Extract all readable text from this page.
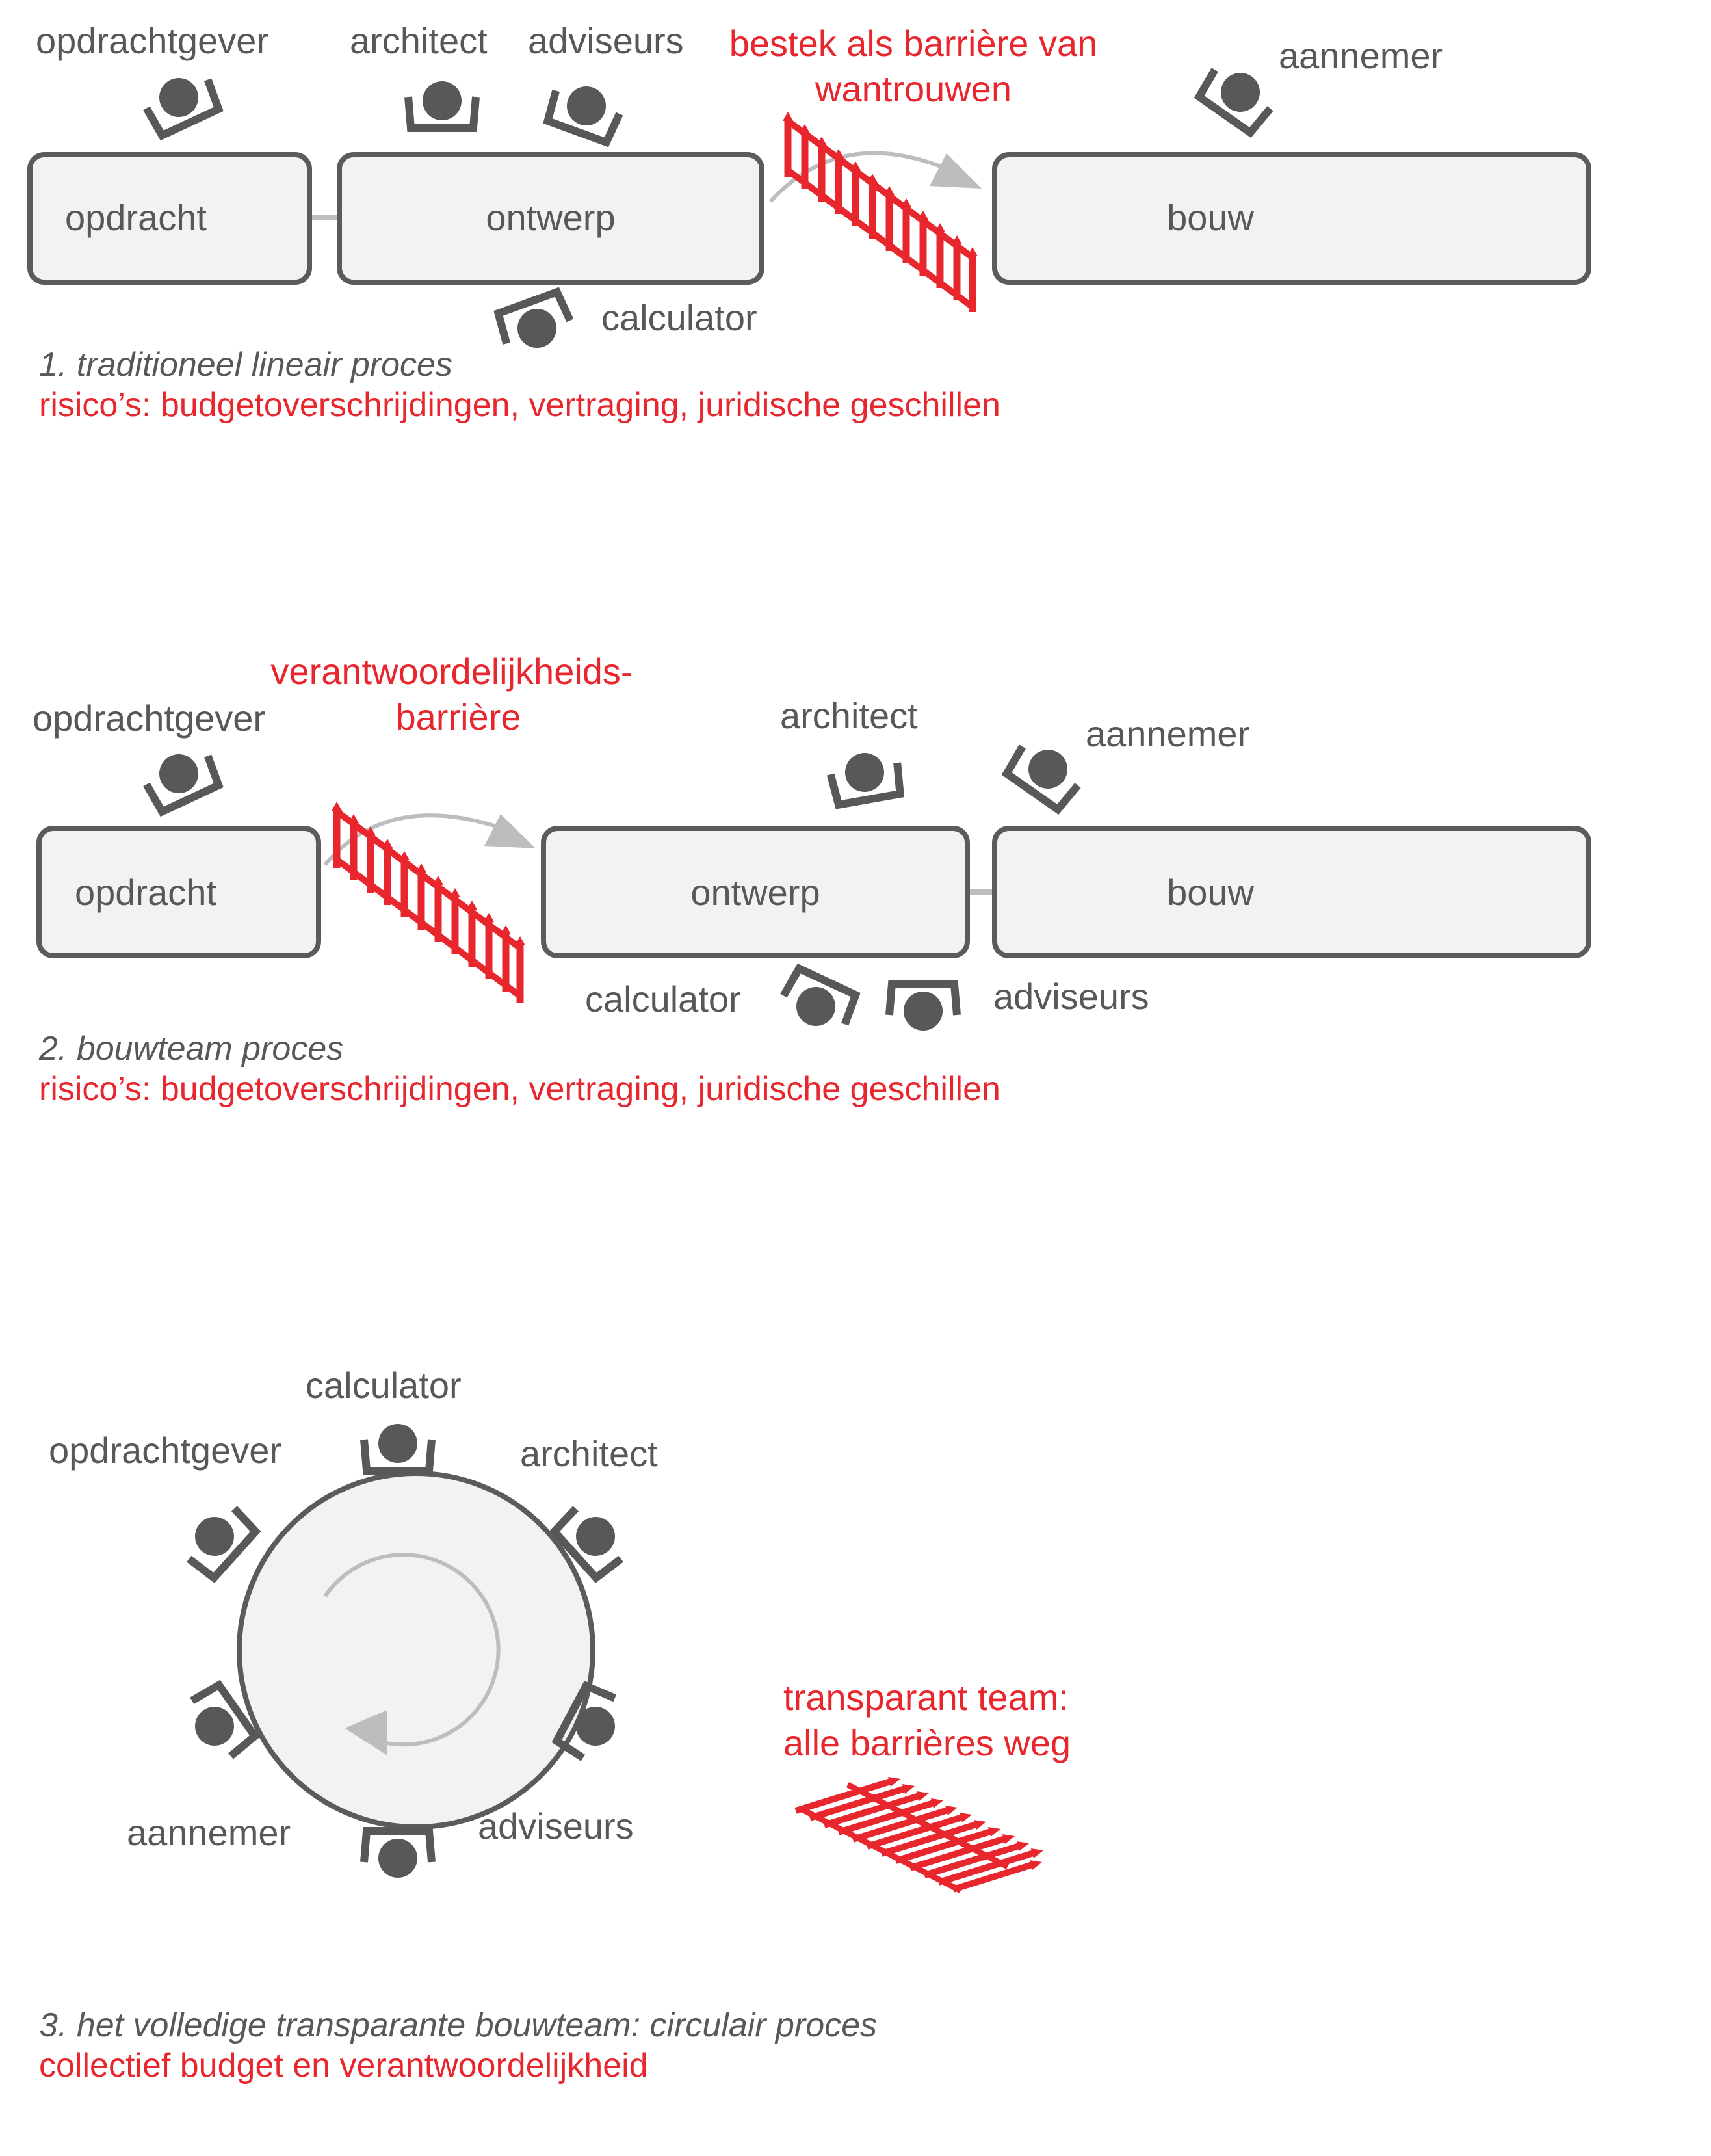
opdracht	ontwerp	bouw
bestek als barrière van
wantrouwen
opdrachtgever architect adviseurs	aannemer
calculator
1. traditioneel lineair proces
risico’s: budgetoverschrijdingen, vertraging, juridische geschillen
opdracht	ontwerp	bouw
verantwoordelijkheids-
barrière
opdrachtgever	architect	aannemer
calculator	adviseurs
2. bouwteam proces
risico’s: budgetoverschrijdingen, vertraging, juridische geschillen
calculator
opdrachtgever	architect
aannemer	adviseurs
transparant team:
alle barrières weg
3. het volledige transparante bouwteam: circulair proces
collectief budget en verantwoordelijkheid
